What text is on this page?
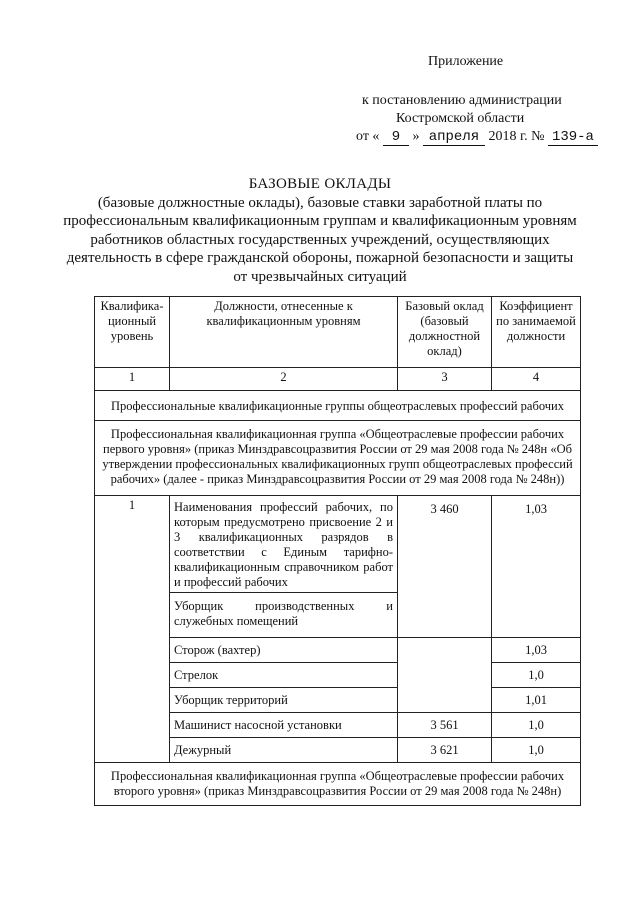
Приложение
к постановлению администрации
Костромской области
от « 9 » апреля 2018 г. № 139-а
БАЗОВЫЕ ОКЛАДЫ
(базовые должностные оклады), базовые ставки заработной платы по профессиональным квалификационным группам и квалификационным уровням работников областных государственных учреждений, осуществляющих деятельность в сфере гражданской обороны, пожарной безопасности и защиты от чрезвычайных ситуаций
Квалифика-ционный уровень	Должности, отнесенные к квалификационным уровням	Базовый оклад (базовый должностной оклад)	Коэффициент по занимаемой должности
1	2	3	4
Профессиональные квалификационные группы общеотраслевых профессий рабочих			
Профессиональная квалификационная группа «Общеотраслевые профессии рабочих первого уровня» (приказ Минздравсоцразвития России от 29 мая 2008 года № 248н «Об утверждении профессиональных квалификационных групп общеотраслевых профессий рабочих» (далее - приказ Минздравсоцразвития России от 29 мая 2008 года № 248н))			
1	Наименования профессий рабочих, по которым предусмотрено присвоение 2 и 3 квалификационных разрядов в соответствии с Единым тарифно-квалификационным справочником работ и профессий рабочих	3 460	1,03
	Уборщик производственных и служебных помещений		
	Сторож (вахтер)		1,03
	Стрелок		1,0
	Уборщик территорий		1,01
	Машинист насосной установки	3 561	1,0
	Дежурный	3 621	1,0
Профессиональная квалификационная группа «Общеотраслевые профессии рабочих второго уровня» (приказ Минздравсоцразвития России от 29 мая 2008 года № 248н)			
